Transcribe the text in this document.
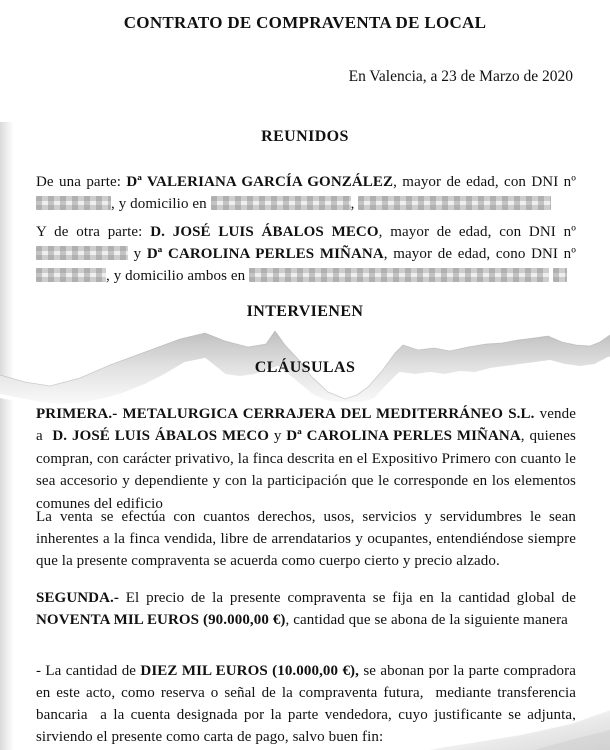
CONTRATO DE COMPRAVENTA DE LOCAL
En Valencia, a 23 de Marzo de 2020
REUNIDOS

De una parte: Dª VALERIANA GARCÍA GONZÁLEZ, mayor de edad, con DNI nº , y domicilio en	,

Y de otra parte: D. JOSÉ LUIS ÁBALOS MECO, mayor de edad, con DNI nº  y Dª CAROLINA PERLES MIÑANA, mayor de edad, cono DNI nº , y domicilio ambos en

INTERVIENEN
CLÁUSULAS

PRIMERA.- METALURGICA CERRAJERA DEL MEDITERRÁNEO S.L. vende a  D. JOSÉ LUIS ÁBALOS MECO y Dª CAROLINA PERLES MIÑANA, quienes compran, con carácter privativo, la finca descrita en el Expositivo Primero con cuanto le sea accesorio y dependiente y con la participación que le corresponde en los elementos comunes del edificio

La venta se efectúa con cuantos derechos, usos, servicios y servidumbres le sean inherentes a la finca vendida, libre de arrendatarios y ocupantes, entendiéndose siempre que la presente compraventa se acuerda como cuerpo cierto y precio alzado.

SEGUNDA.- El precio de la presente compraventa se fija en la cantidad global de NOVENTA MIL EUROS (90.000,00 €), cantidad que se abona de la siguiente manera

- La cantidad de DIEZ MIL EUROS (10.000,00 €), se abonan por la parte compradora en este acto, como reserva o señal de la compraventa futura,  mediante transferencia bancaria  a la cuenta designada por la parte vendedora, cuyo justificante se adjunta, sirviendo el presente como carta de pago, salvo buen fin:
